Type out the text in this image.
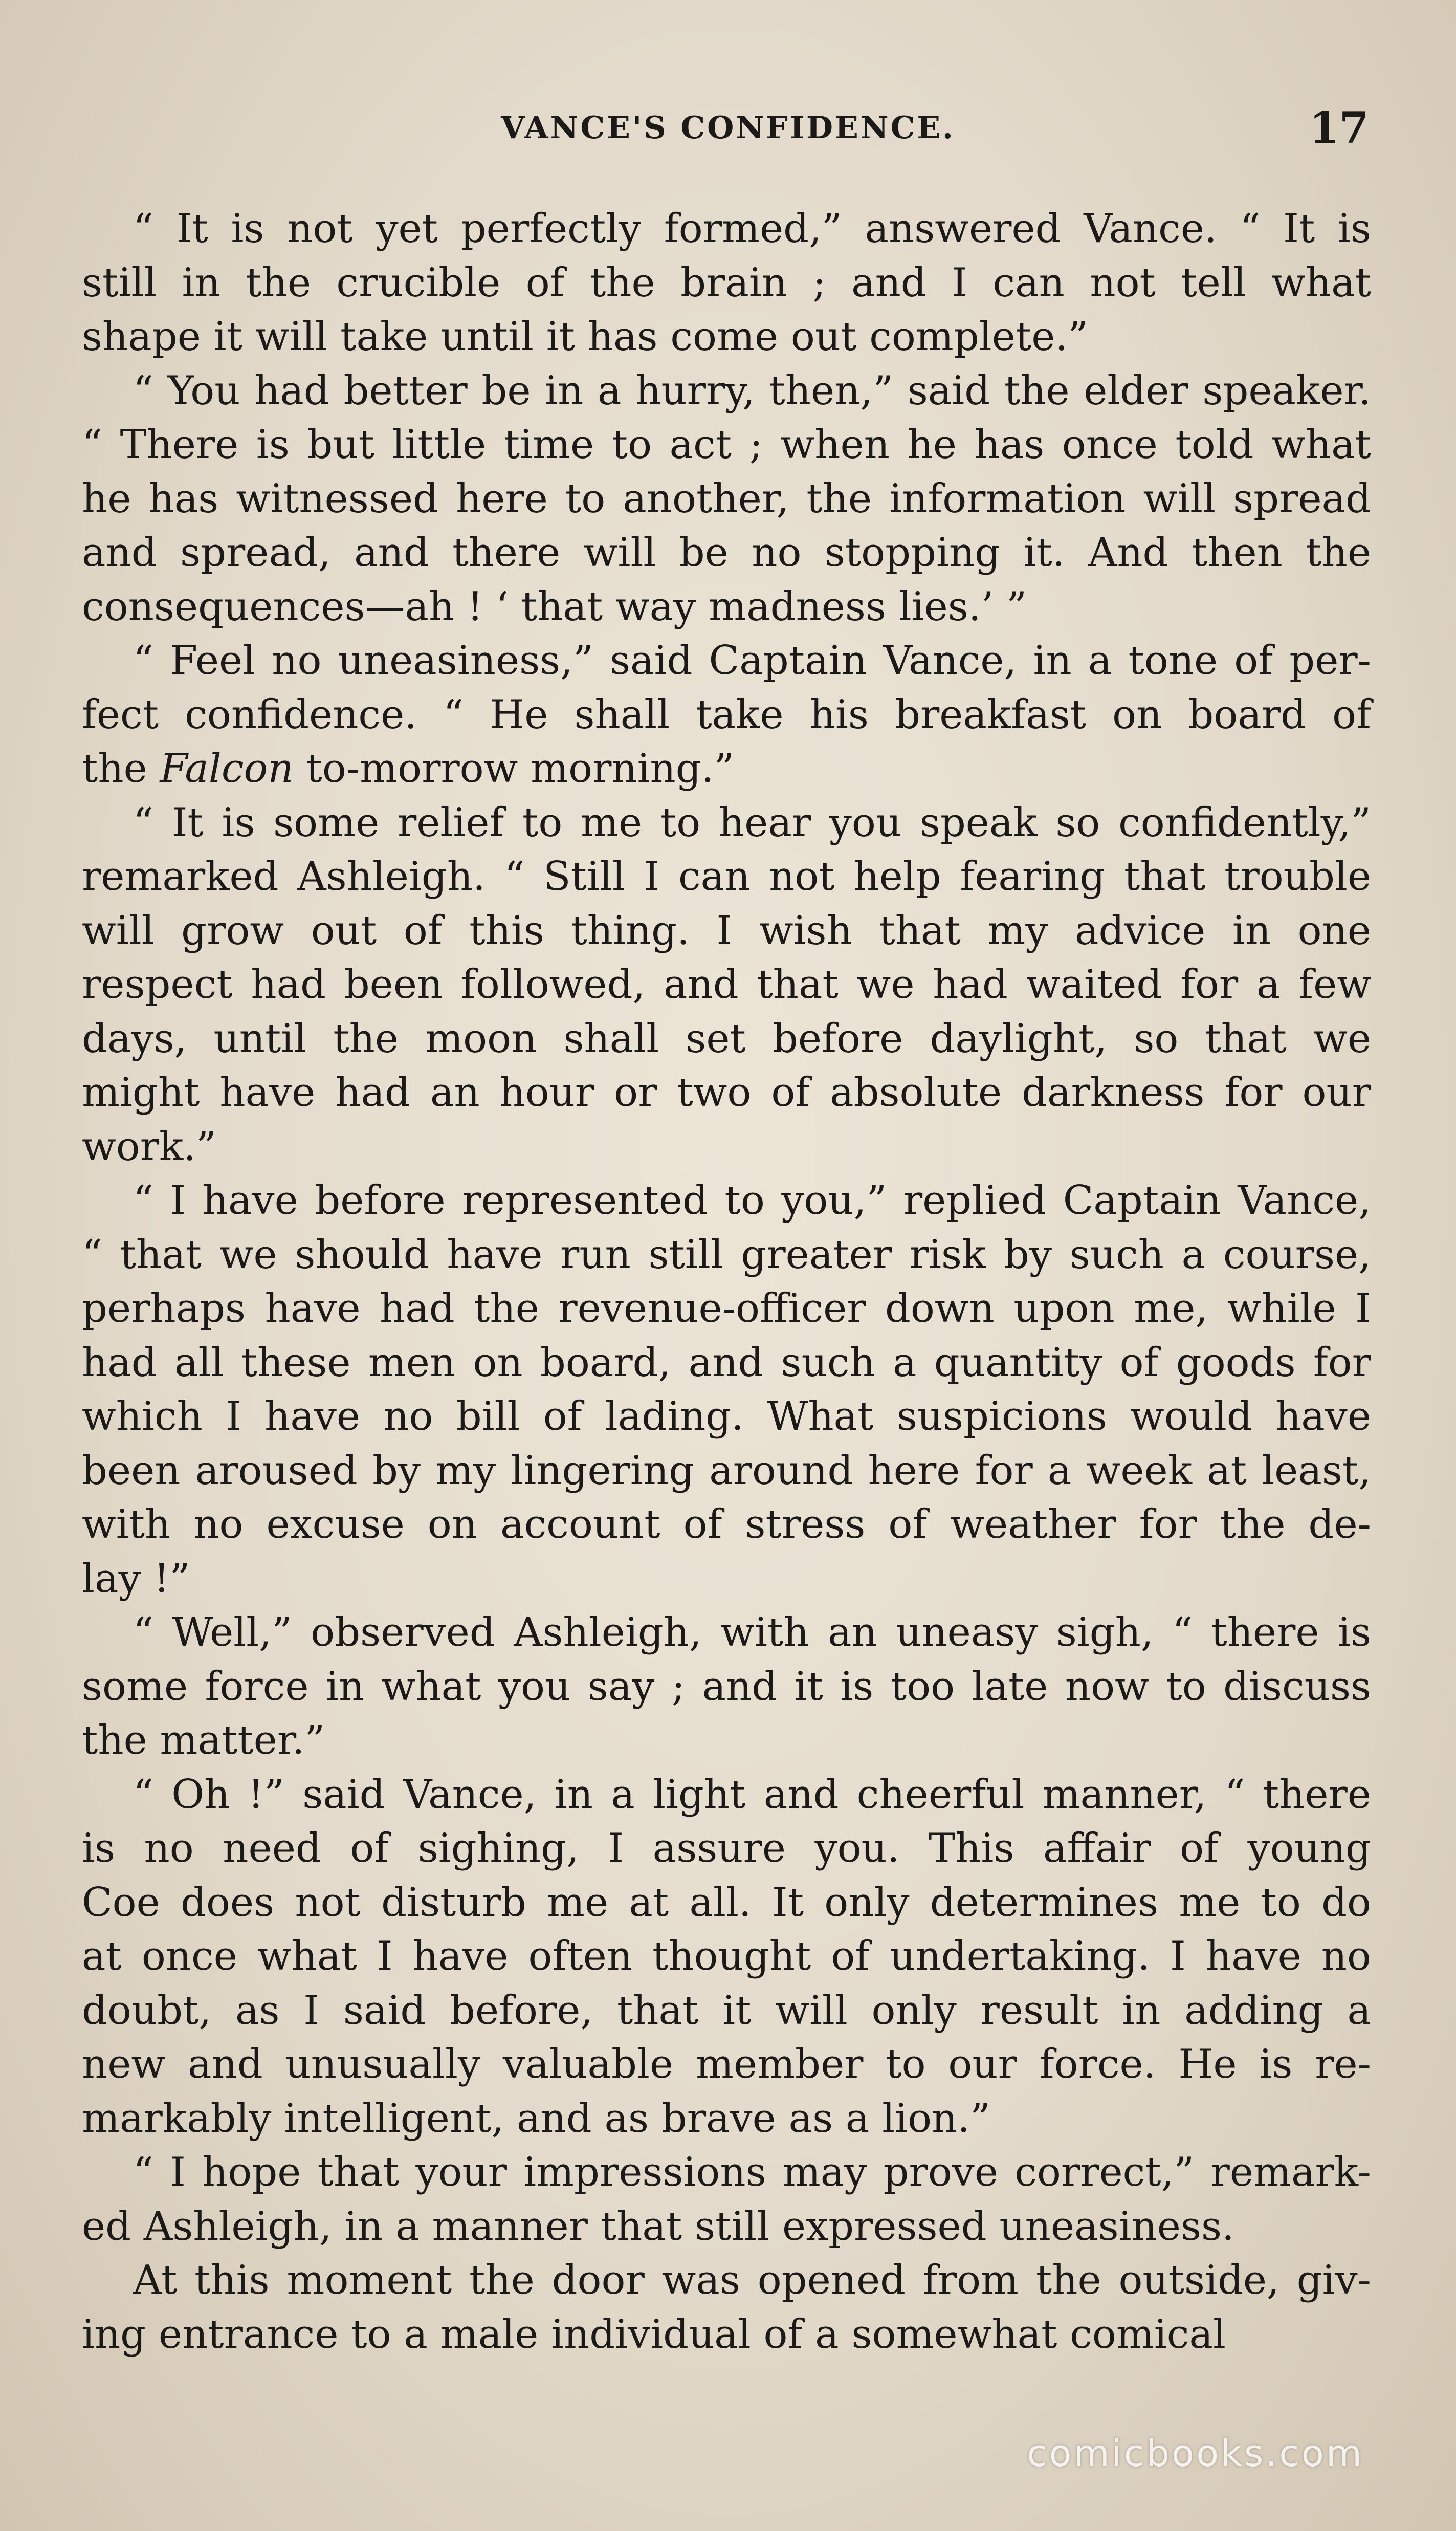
VANCE'S CONFIDENCE.	17
“ It is not yet perfectly formed,” answered Vance. “ It is
still in the crucible of the brain ; and I can not tell what
shape it will take until it has come out complete.”
“ You had better be in a hurry, then,” said the elder speaker.
“ There is but little time to act ; when he has once told what
he has witnessed here to another, the information will spread
and spread, and there will be no stopping it. And then the
consequences—ah ! ‘ that way madness lies.’ ”
“ Feel no uneasiness,” said Captain Vance, in a tone of per-
fect confidence. “ He shall take his breakfast on board of
the Falcon to-morrow morning.”
“ It is some relief to me to hear you speak so confidently,”
remarked Ashleigh. “ Still I can not help fearing that trouble
will grow out of this thing. I wish that my advice in one
respect had been followed, and that we had waited for a few
days, until the moon shall set before daylight, so that we
might have had an hour or two of absolute darkness for our
work.”
“ I have before represented to you,” replied Captain Vance,
“ that we should have run still greater risk by such a course,
perhaps have had the revenue-officer down upon me, while I
had all these men on board, and such a quantity of goods for
which I have no bill of lading. What suspicions would have
been aroused by my lingering around here for a week at least,
with no excuse on account of stress of weather for the de-
lay !”
“ Well,” observed Ashleigh, with an uneasy sigh, “ there is
some force in what you say ; and it is too late now to discuss
the matter.”
“ Oh !” said Vance, in a light and cheerful manner, “ there
is no need of sighing, I assure you. This affair of young
Coe does not disturb me at all. It only determines me to do
at once what I have often thought of undertaking. I have no
doubt, as I said before, that it will only result in adding a
new and unusually valuable member to our force. He is re-
markably intelligent, and as brave as a lion.”
“ I hope that your impressions may prove correct,” remark-
ed Ashleigh, in a manner that still expressed uneasiness.
At this moment the door was opened from the outside, giv-
ing entrance to a male individual of a somewhat comical
comicbooks.com
